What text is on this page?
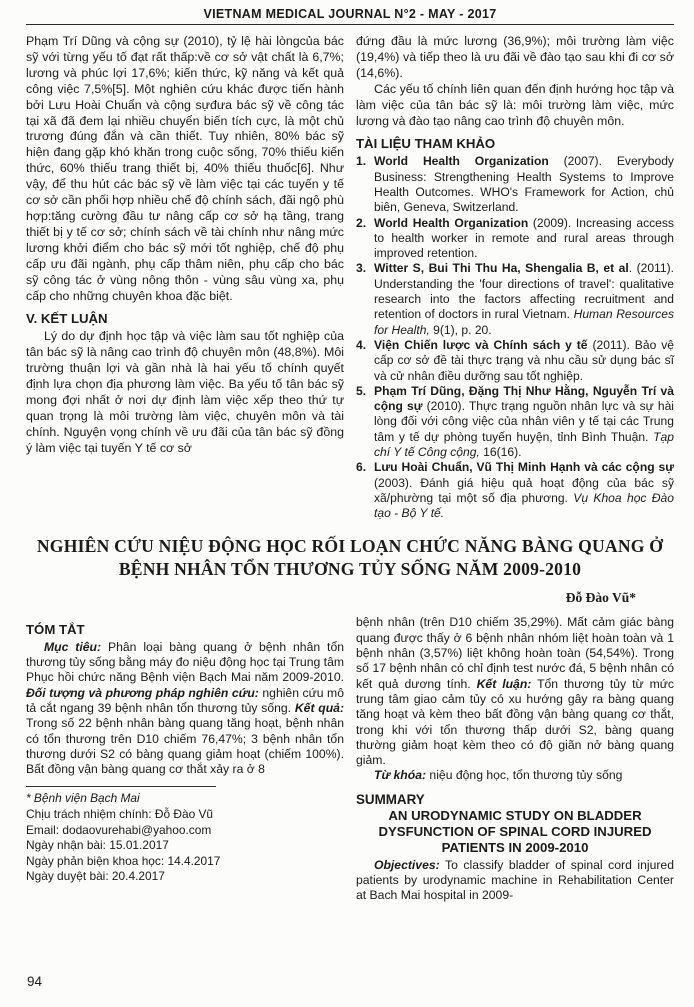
VIETNAM MEDICAL JOURNAL N°2 - MAY - 2017

Phạm Trí Dũng và cộng sự (2010), tỷ lệ hài lòngcủa bác sỹ với từng yếu tố đạt rất thấp:về cơ sở vật chất là 6,7%; lương và phúc lợi 17,6%; kiến thức, kỹ năng và kết quả công việc 7,5%[5]. Một nghiên cứu khác được tiến hành bởi Lưu Hoài Chuẩn và cộng sựđưa bác sỹ về công tác tại xã đã đem lại nhiều chuyển biến tích cực, là một chủ trương đúng đắn và cần thiết. Tuy nhiên, 80% bác sỹ hiện đang gặp khó khăn trong cuộc sống, 70% thiếu kiến thức, 60% thiếu trang thiết bị, 40% thiếu thuốc[6]. Như vậy, để thu hút các bác sỹ về làm việc tại các tuyến y tế cơ sở cần phối hợp nhiều chế độ chính sách, đãi ngộ phù hợp:tăng cường đầu tư nâng cấp cơ sở hạ tầng, trang thiết bị y tế cơ sở; chính sách về tài chính như nâng mức lương khởi điểm cho bác sỹ mới tốt nghiệp, chế độ phụ cấp ưu đãi ngành, phụ cấp thâm niên, phụ cấp cho bác sỹ công tác ở vùng nông thôn - vùng sâu vùng xa, phụ cấp cho những chuyên khoa đặc biệt.

V. KẾT LUẬN

Lý do dự định học tập và việc làm sau tốt nghiệp của tân bác sỹ là nâng cao trình độ chuyên môn (48,8%). Môi trường thuận lợi và gần nhà là hai yếu tố chính quyết định lựa chọn địa phương làm việc. Ba yếu tố tân bác sỹ mong đợi nhất ở nơi dự định làm việc xếp theo thứ tự quan trọng là môi trường làm việc, chuyên môn và tài chính. Nguyện vọng chính về ưu đãi của tân bác sỹ đồng ý làm việc tại tuyến Y tế cơ sở

đứng đầu là mức lương (36,9%); môi trường làm việc (19,4%) và tiếp theo là ưu đãi về đào tạo sau khi đi cơ sở (14,6%).

Các yếu tố chính liên quan đến định hướng học tập và làm việc của tân bác sỹ là: môi trường làm việc, mức lương và đào tạo nâng cao trình độ chuyên môn.

TÀI LIỆU THAM KHẢO
1. World Health Organization (2007). Everybody Business: Strengthening Health Systems to Improve Health Outcomes. WHO's Framework for Action, chủ biên, Geneva, Switzerland.
2. World Health Organization (2009). Increasing access to health worker in remote and rural areas through improved retention.
3. Witter S, Bui Thi Thu Ha, Shengalia B, et al. (2011). Understanding the 'four directions of travel': qualitative research into the factors affecting recruitment and retention of doctors in rural Vietnam. Human Resources for Health, 9(1), p. 20.
4. Viện Chiến lược và Chính sách y tế (2011). Bảo vệ cấp cơ sở đề tài thực trạng và nhu cầu sử dụng bác sĩ và cử nhân điều dưỡng sau tốt nghiệp.
5. Phạm Trí Dũng, Đặng Thị Như Hằng, Nguyễn Trí và cộng sự (2010). Thực trạng nguồn nhân lực và sự hài lòng đối với công việc của nhân viên y tế tại các Trung tâm y tế dự phòng tuyến huyện, tỉnh Bình Thuận. Tạp chí Y tế Công cộng, 16(16).
6. Lưu Hoài Chuẩn, Vũ Thị Minh Hạnh và các cộng sự (2003). Đánh giá hiệu quả hoạt động của bác sỹ xã/phường tại một số địa phương. Vụ Khoa học Đào tạo - Bộ Y tế.
NGHIÊN CỨU NIỆU ĐỘNG HỌC RỐI LOẠN CHỨC NĂNG BÀNG QUANG Ở BỆNH NHÂN TỔN THƯƠNG TỦY SỐNG NĂM 2009-2010
Đỗ Đào Vũ*
TÓM TẮT

Mục tiêu: Phân loại bàng quang ở bệnh nhân tổn thương tủy sống bằng máy đo niệu động học tại Trung tâm Phục hồi chức năng Bệnh viện Bạch Mai năm 2009-2010. Đối tượng và phương pháp nghiên cứu: nghiên cứu mô tả cắt ngang 39 bệnh nhân tổn thương tủy sống. Kết quả: Trong số 22 bệnh nhân bàng quang tăng hoạt, bệnh nhân có tổn thương trên D10 chiếm 76,47%; 3 bệnh nhân tổn thương dưới S2 có bàng quang giảm hoạt (chiếm 100%). Bất đồng vận bàng quang cơ thắt xảy ra ở 8

* Bệnh viện Bạch Mai
Chịu trách nhiệm chính: Đỗ Đào Vũ
Email: dodaovurehabi@yahoo.com
Ngày nhận bài: 15.01.2017
Ngày phản biện khoa học: 14.4.2017
Ngày duyệt bài: 20.4.2017

bệnh nhân (trên D10 chiếm 35,29%). Mất cảm giác bàng quang được thấy ở 6 bệnh nhân nhóm liệt hoàn toàn và 1 bệnh nhân (3,57%) liệt không hoàn toàn (54,54%). Trong số 17 bệnh nhân có chỉ định test nước đá, 5 bệnh nhân có kết quả dương tính. Kết luận: Tổn thương tủy từ mức trung tâm giao cảm tủy có xu hướng gây ra bàng quang tăng hoạt và kèm theo bất đồng vận bàng quang cơ thắt, trong khi với tổn thương thấp dưới S2, bàng quang thường giảm hoạt kèm theo có độ giãn nở bàng quang giảm.

Từ khóa: niệu động học, tổn thương tủy sống

SUMMARY
AN URODYNAMIC STUDY ON BLADDER DYSFUNCTION OF SPINAL CORD INJURED PATIENTS IN 2009-2010

Objectives: To classify bladder of spinal cord injured patients by urodynamic machine in Rehabilitation Center at Bach Mai hospital in 2009-

94
